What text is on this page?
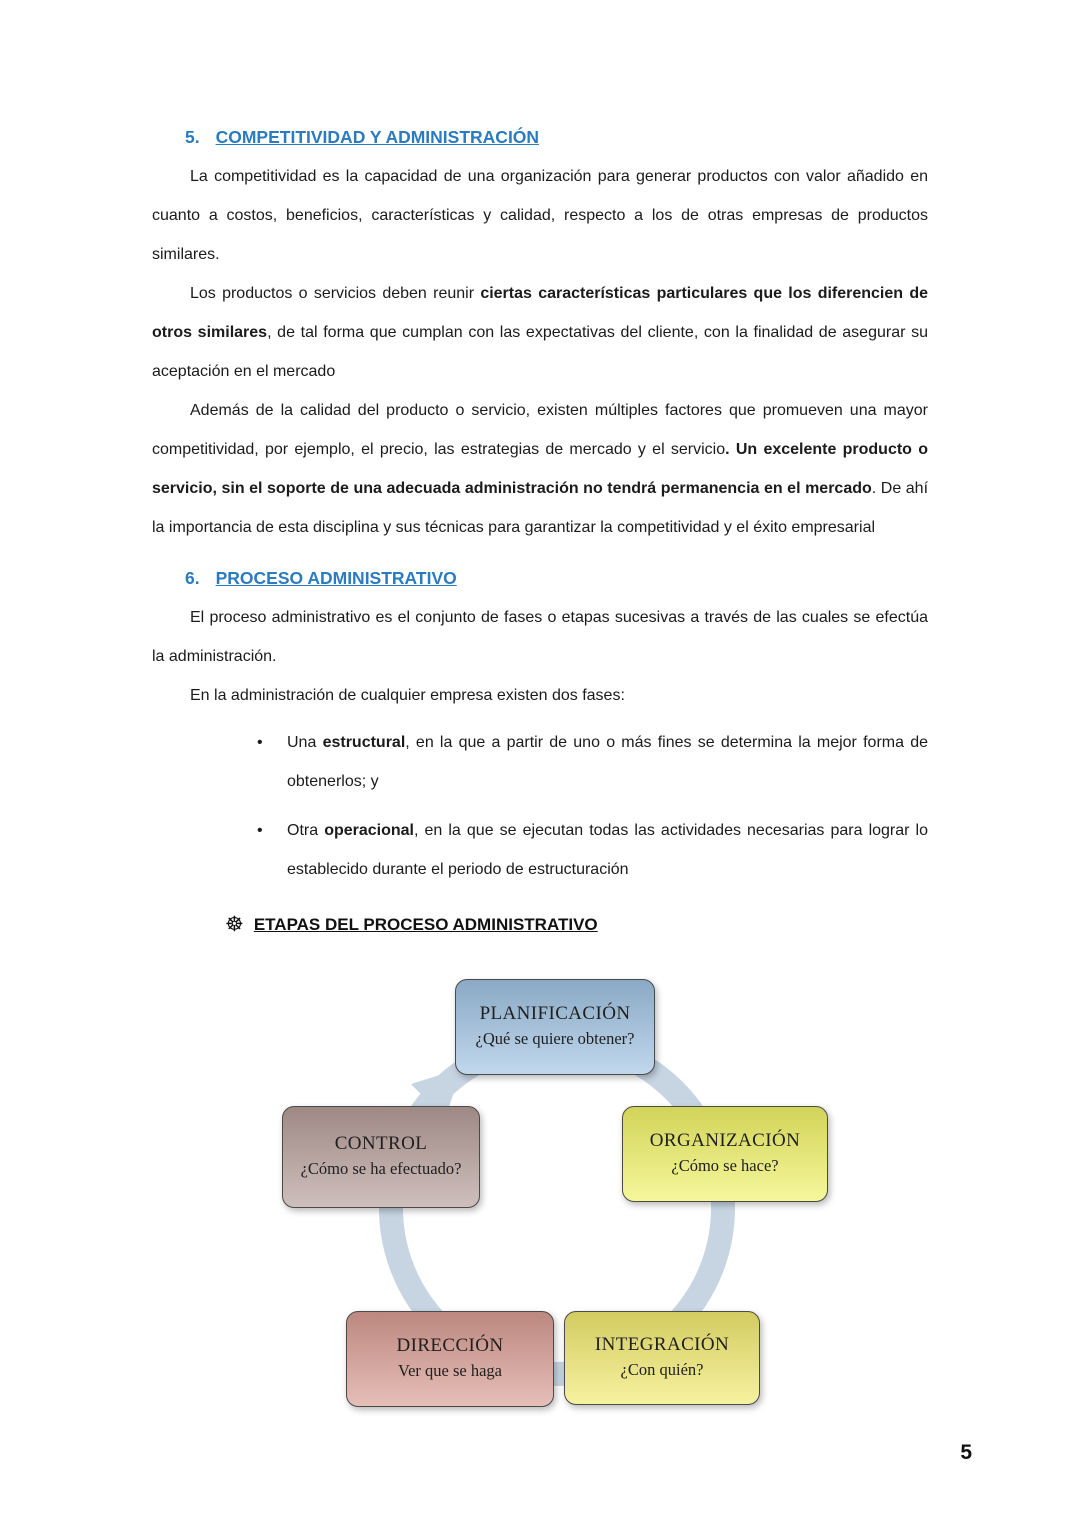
5. COMPETITIVIDAD Y ADMINISTRACIÓN

La competitividad es la capacidad de una organización para generar productos con valor añadido en cuanto a costos, beneficios, características y calidad, respecto a los de otras empresas de productos similares.

Los productos o servicios deben reunir ciertas características particulares que los diferencien de otros similares, de tal forma que cumplan con las expectativas del cliente, con la finalidad de asegurar su aceptación en el mercado

Además de la calidad del producto o servicio, existen múltiples factores que promueven una mayor competitividad, por ejemplo, el precio, las estrategias de mercado y el servicio. Un excelente producto o servicio, sin el soporte de una adecuada administración no tendrá permanencia en el mercado. De ahí la importancia de esta disciplina y sus técnicas para garantizar la competitividad y el éxito empresarial

6. PROCESO ADMINISTRATIVO

El proceso administrativo es el conjunto de fases o etapas sucesivas a través de las cuales se efectúa la administración.

En la administración de cualquier empresa existen dos fases:

• Una estructural, en la que a partir de uno o más fines se determina la mejor forma de obtenerlos; y
• Otra operacional, en la que se ejecutan todas las actividades necesarias para lograr lo establecido durante el periodo de estructuración
☸ ETAPAS DEL PROCESO ADMINISTRATIVO
PLANIFICACIÓN
¿Qué se quiere obtener?
ORGANIZACIÓN
¿Cómo se hace?
CONTROL
¿Cómo se ha efectuado?
DIRECCIÓN
Ver que se haga
INTEGRACIÓN
¿Con quién?
5
